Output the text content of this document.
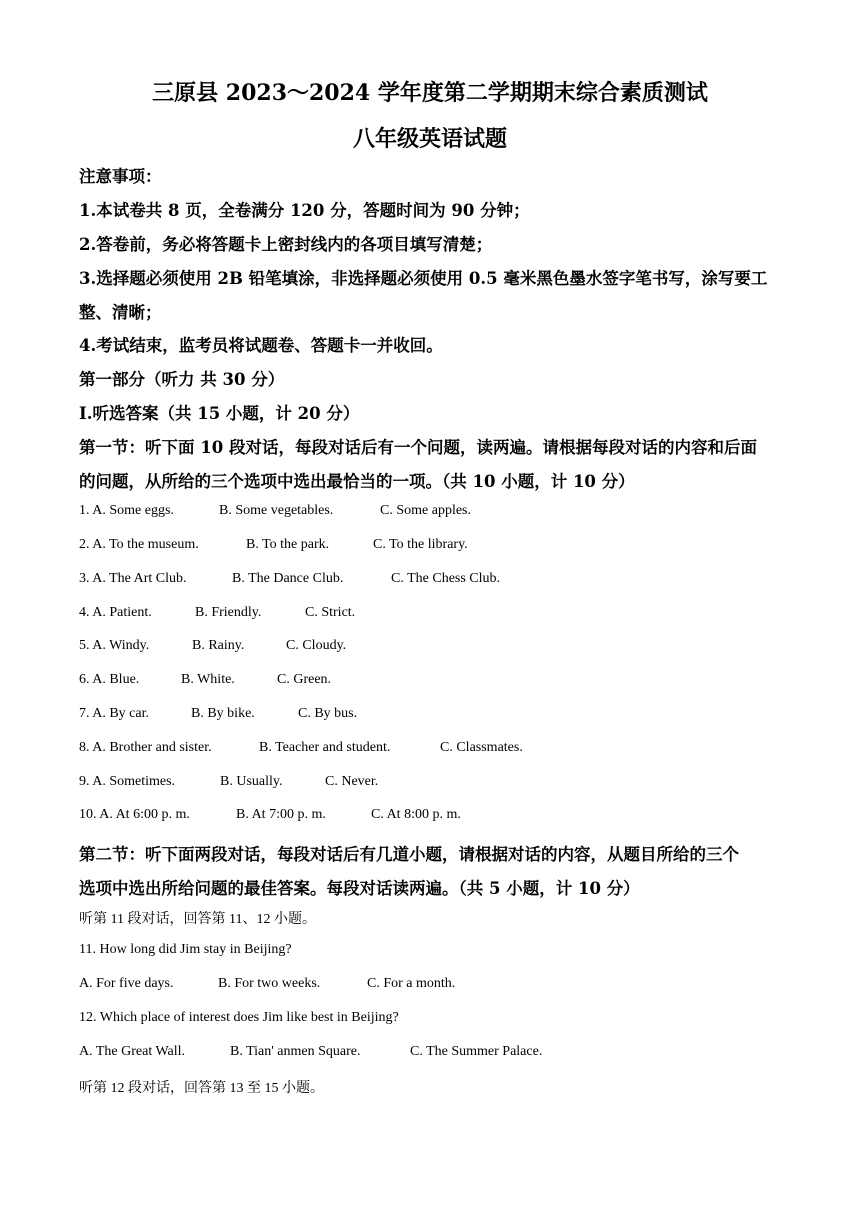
三原县 2023～2024 学年度第二学期期末综合素质测试
八年级英语试题
注意事项：
1.本试卷共 8 页，全卷满分 120 分，答题时间为 90 分钟；
2.答卷前，务必将答题卡上密封线内的各项目填写清楚；
3.选择题必须使用 2B 铅笔填涂，非选择题必须使用 0.5 毫米黑色墨水签字笔书写，涂写要工
整、清晰；
4.考试结束，监考员将试题卷、答题卡一并收回。
第一部分（听力 共 30 分）
Ⅰ.听选答案（共 15 小题，计 20 分）
第一节：听下面 10 段对话，每段对话后有一个问题，读两遍。请根据每段对话的内容和后面
的问题，从所给的三个选项中选出最恰当的一项。（共 10 小题，计 10 分）
1. A. Some eggs.	B. Some vegetables.	C. Some apples.
2. A. To the museum.	B. To the park.	C. To the library.
3. A. The Art Club.	B. The Dance Club.	C. The Chess Club.
4. A. Patient.	B. Friendly.	C. Strict.
5. A. Windy.	B. Rainy.	C. Cloudy.
6. A. Blue.	B. White.	C. Green.
7. A. By car.	B. By bike.	C. By bus.
8. A. Brother and sister.	B. Teacher and student.	C. Classmates.
9. A. Sometimes.	B. Usually.	C. Never.
10. A. At 6:00 p. m.	B. At 7:00 p. m.	C. At 8:00 p. m.
第二节：听下面两段对话，每段对话后有几道小题，请根据对话的内容，从题目所给的三个
选项中选出所给问题的最佳答案。每段对话读两遍。（共 5 小题，计 10 分）
听第 11 段对话，回答第 11、12 小题。
11. How long did Jim stay in Beijing?
A. For five days.	B. For two weeks.	C. For a month.
12. Which place of interest does Jim like best in Beijing?
A. The Great Wall.	B. Tian' anmen Square.	C. The Summer Palace.
听第 12 段对话，回答第 13 至 15 小题。
